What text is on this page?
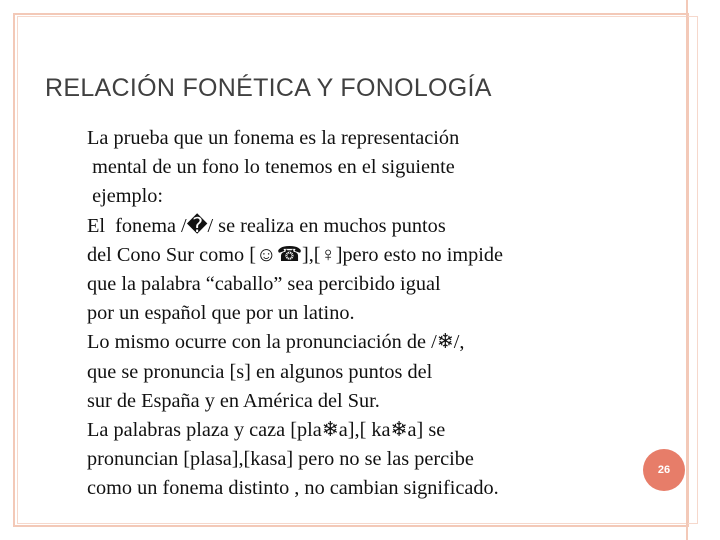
RELACIÓN FONÉTICA Y FONOLOGÍA
La prueba que un fonema es la representación
mental de un fono lo tenemos en el siguiente
ejemplo:
El  fonema /�/ se realiza en muchos puntos
del Cono Sur como [☺☎],[♀]pero esto no impide
que la palabra “caballo” sea percibido igual
por un español que por un latino.
Lo mismo ocurre con la pronunciación de /❄/,
que se pronuncia [s] en algunos puntos del
sur de España y en América del Sur.
La palabras plaza y caza [pla❄a],[ ka❄a] se
pronuncian [plasa],[kasa] pero no se las percibe
como un fonema distinto , no cambian significado.
26
